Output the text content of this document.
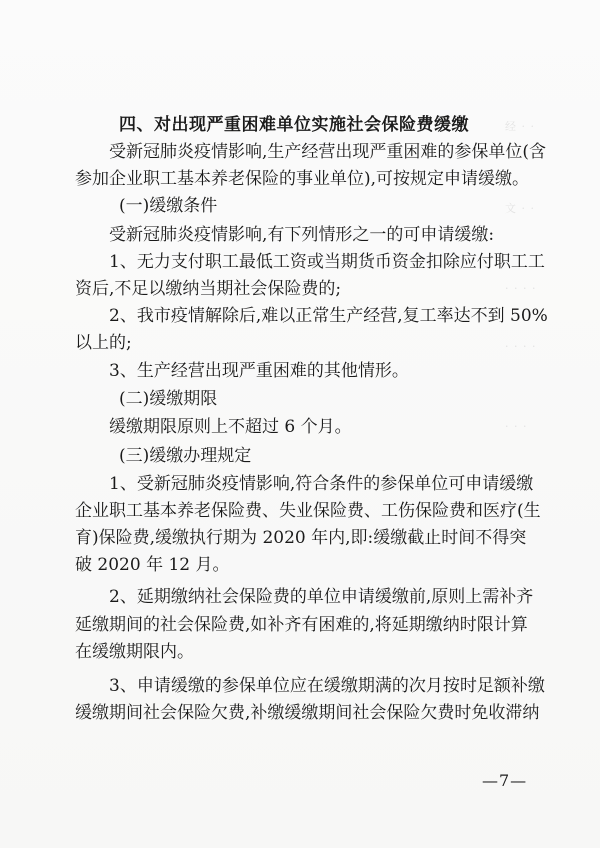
经 · ·
文 · ·
· · · ·
· · · ·
· · ·
四、对出现严重困难单位实施社会保险费缓缴
受新冠肺炎疫情影响,生产经营出现严重困难的参保单位(含
参加企业职工基本养老保险的事业单位),可按规定申请缓缴。
(一)缓缴条件
受新冠肺炎疫情影响,有下列情形之一的可申请缓缴:
1、无力支付职工最低工资或当期货币资金扣除应付职工工
资后,不足以缴纳当期社会保险费的;
2、我市疫情解除后,难以正常生产经营,复工率达不到 50%
以上的;
3、生产经营出现严重困难的其他情形。
(二)缓缴期限
缓缴期限原则上不超过 6 个月。
(三)缓缴办理规定
1、受新冠肺炎疫情影响,符合条件的参保单位可申请缓缴
企业职工基本养老保险费、失业保险费、工伤保险费和医疗(生
育)保险费,缓缴执行期为 2020 年内,即:缓缴截止时间不得突
破 2020 年 12 月。
2、延期缴纳社会保险费的单位申请缓缴前,原则上需补齐
延缴期间的社会保险费,如补齐有困难的,将延期缴纳时限计算
在缓缴期限内。
3、申请缓缴的参保单位应在缓缴期满的次月按时足额补缴
缓缴期间社会保险欠费,补缴缓缴期间社会保险欠费时免收滞纳
—7—
